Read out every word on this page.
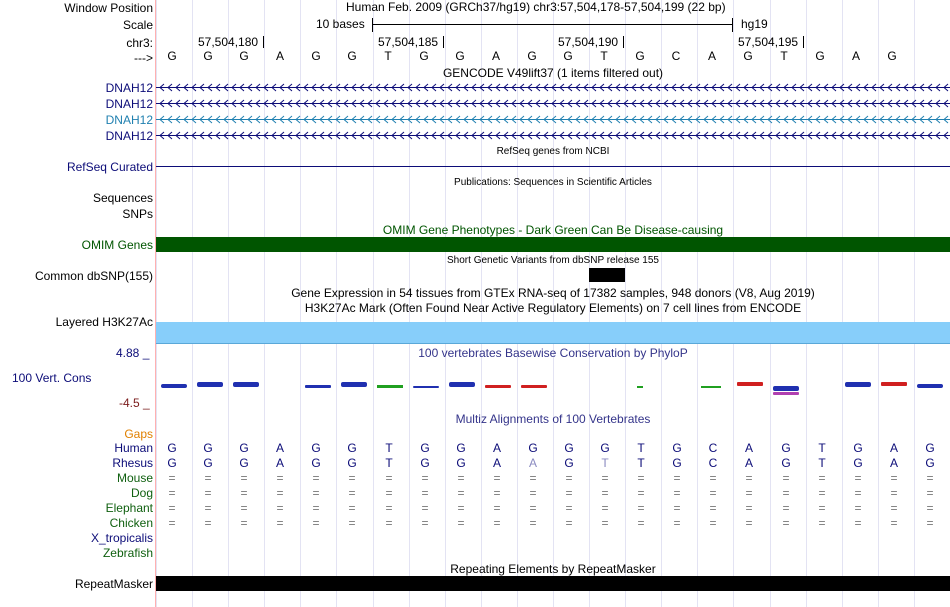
Window Position	Human Feb. 2009 (GRCh37/hg19) chr3:57,504,178-57,504,199 (22 bp)
Scale	10 bases	hg19
chr3:	57,504,180	57,504,185	57,504,190	57,504,195
--->	G	G	G	A	G	G	T	G	G	A	G	G	T	G	C	A	G	T	G	A	G
GENCODE V49lift37 (1 items filtered out)
DNAH12
DNAH12
DNAH12
DNAH12
RefSeq genes from NCBI
RefSeq Curated
Publications: Sequences in Scientific Articles
Sequences
SNPs
OMIM Gene Phenotypes - Dark Green Can Be Disease-causing
OMIM Genes
Short Genetic Variants from dbSNP release 155
Common dbSNP(155)
Gene Expression in 54 tissues from GTEx RNA-seq of 17382 samples, 948 donors (V8, Aug 2019)
H3K27Ac Mark (Often Found Near Active Regulatory Elements) on 7 cell lines from ENCODE
Layered H3K27Ac
4.88 _	100 vertebrates Basewise Conservation by PhyloP
100 Vert. Cons
-4.5 _
Multiz Alignments of 100 Vertebrates
Gaps
Human	G	G	G	A	G	G	T	G	G	A	G	G	G	T	G	C	A	G	T	G	A	G
Rhesus	G	G	G	A	G	G	T	G	G	A	A	G	T	T	G	C	A	G	T	G	A	G
Mouse	=	=	=	=	=	=	=	=	=	=	=	=	=	=	=	=	=	=	=	=	=	=
Dog	=	=	=	=	=	=	=	=	=	=	=	=	=	=	=	=	=	=	=	=	=	=
Elephant	=	=	=	=	=	=	=	=	=	=	=	=	=	=	=	=	=	=	=	=	=	=
Chicken	=	=	=	=	=	=	=	=	=	=	=	=	=	=	=	=	=	=	=	=	=	=
X_tropicalis
Zebrafish
Repeating Elements by RepeatMasker
RepeatMasker
